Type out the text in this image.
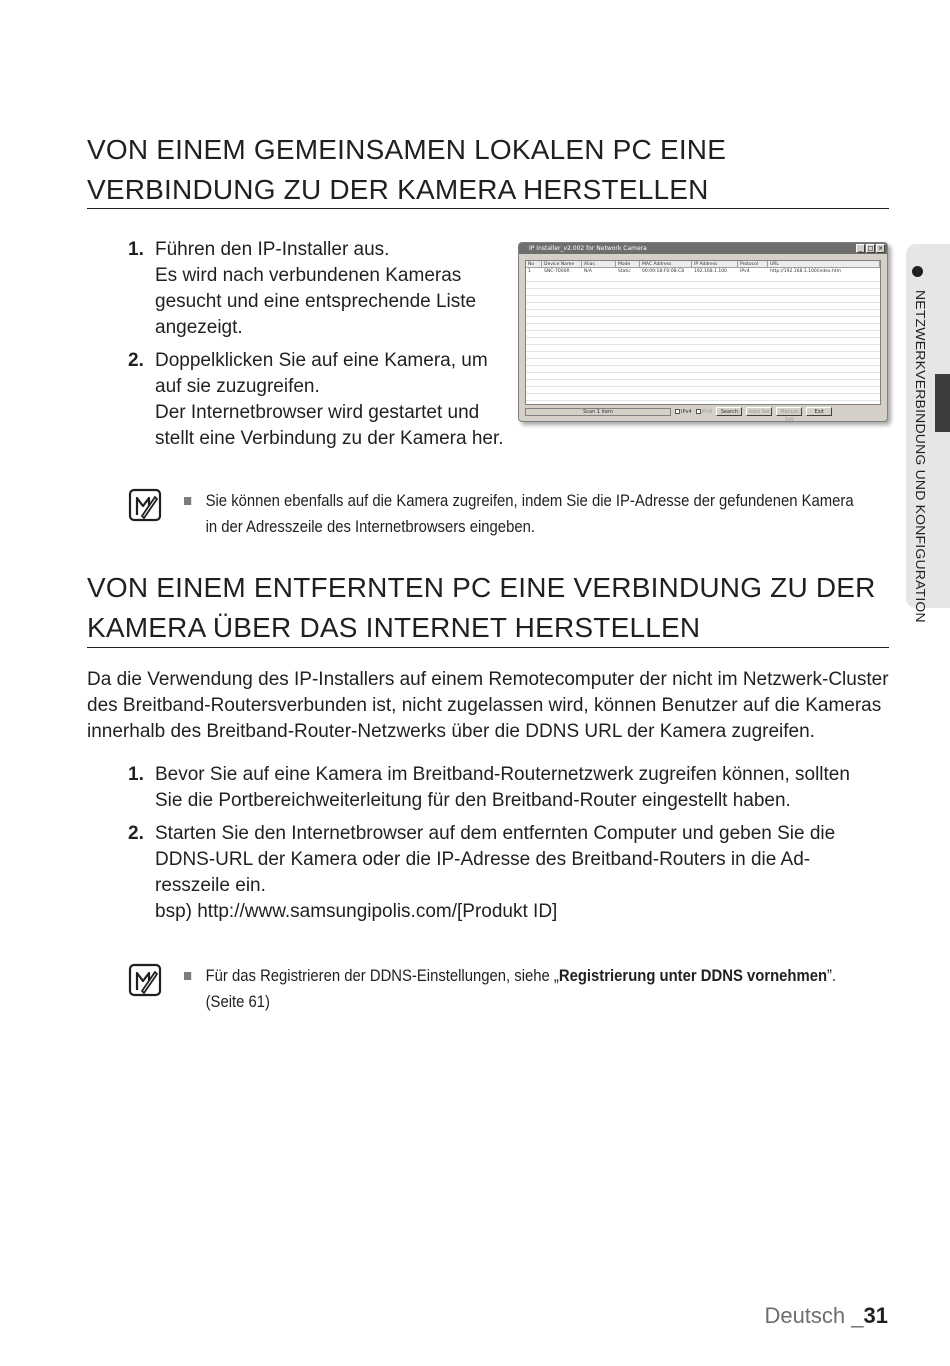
VON EINEM GEMEINSAMEN LOKALEN PC EINE
VERBINDUNG ZU DER KAMERA HERSTELLEN
1. Führen den IP-Installer aus.
Es wird nach verbundenen Kameras
gesucht und eine entsprechende Liste
angezeigt.
2. Doppelklicken Sie auf eine Kamera, um
auf sie zuzugreifen.
Der Internetbrowser wird gestartet und
stellt eine Verbindung zu der Kamera her.
IP Installer_v2.002 for Network Camera	_ □ ×
No	Device Name	Alias	Mode	MAC Address	IP Address	Protocol	URL
1	SNC-7000R	N/A	Static	00:09:18:F0:0B:C8	192.168.1.100	IPv4	http://192.168.1.100/index.htm
Scan 1 item	IPv4 IPv6	Search	Auto Set	Manual Set
Exit
Sie können ebenfalls auf die Kamera zugreifen, indem Sie die IP-Adresse der gefundenen Kamera
in der Adresszeile des Internetbrowsers eingeben.
VON EINEM ENTFERNTEN PC EINE VERBINDUNG ZU DER
KAMERA ÜBER DAS INTERNET HERSTELLEN
Da die Verwendung des IP-Installers auf einem Remotecomputer der nicht im Netzwerk-Cluster
des Breitband-Routersverbunden ist, nicht zugelassen wird, können Benutzer auf die Kameras
innerhalb des Breitband-Router-Netzwerks über die DDNS URL der Kamera zugreifen.
1. Bevor Sie auf eine Kamera im Breitband-Routernetzwerk zugreifen können, sollten
Sie die Portbereichweiterleitung für den Breitband-Router eingestellt haben.
2. Starten Sie den Internetbrowser auf dem entfernten Computer und geben Sie die
DDNS-URL der Kamera oder die IP-Adresse des Breitband-Routers in die Ad-
resszeile ein.
bsp) http://www.samsungipolis.com/[Produkt ID]
Für das Registrieren der DDNS-Einstellungen, siehe „Registrierung unter DDNS vornehmen”.
(Seite 61)
NETZWERKVERBINDUNG UND KONFIGURATION
Deutsch _31
